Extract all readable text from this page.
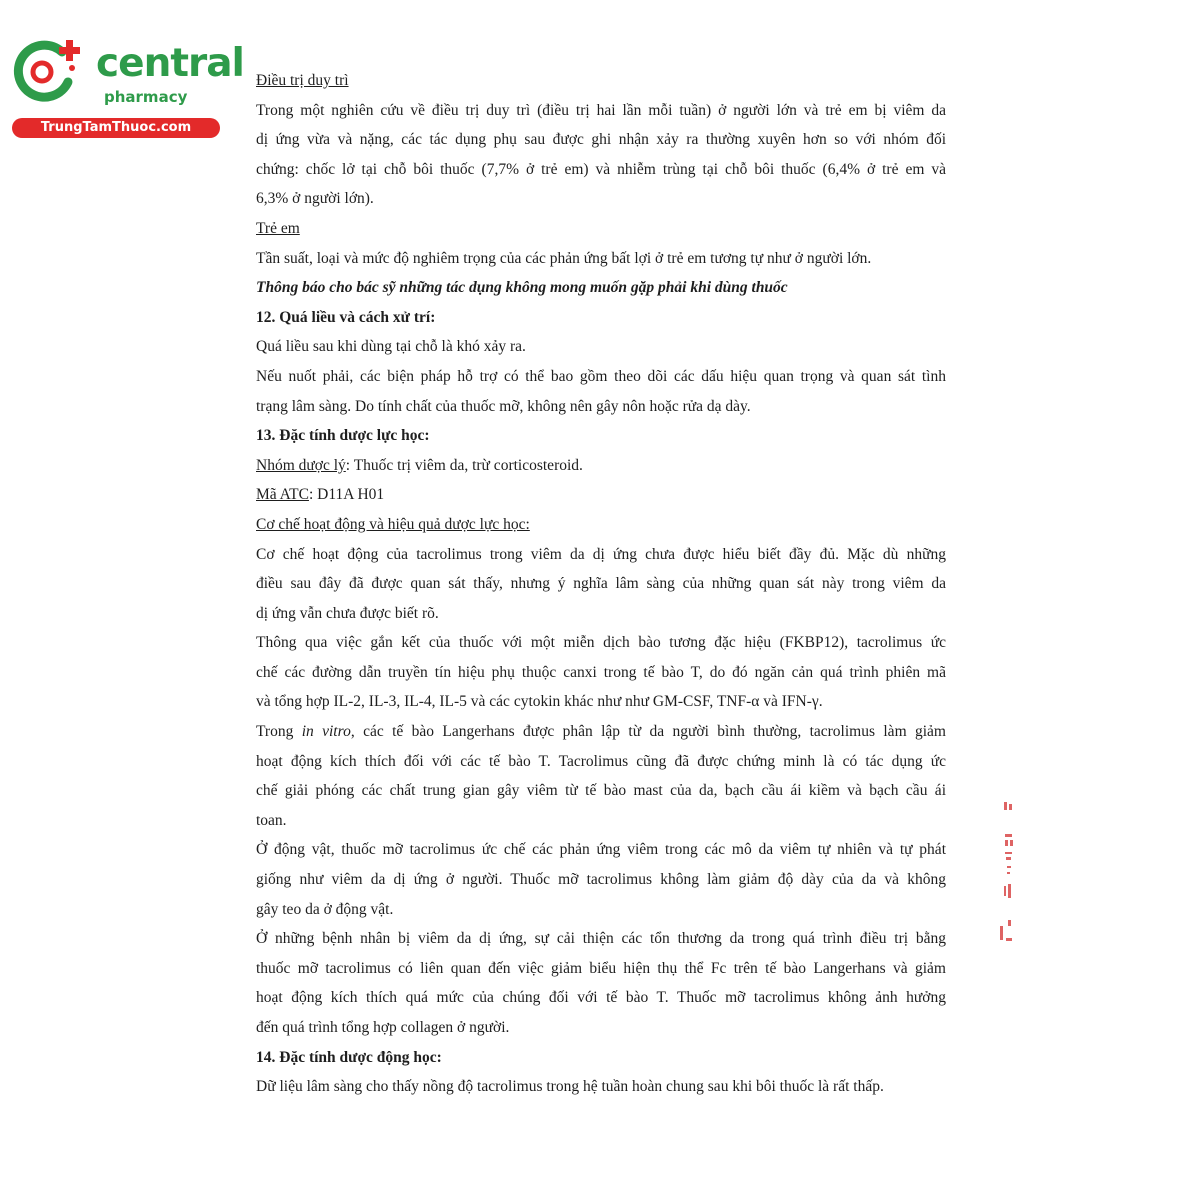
central
pharmacy
TrungTamThuoc.com
Điều trị duy trì
Trong một nghiên cứu về điều trị duy trì (điều trị hai lần mỗi tuần) ở người lớn và trẻ em bị viêm da
dị ứng vừa và nặng, các tác dụng phụ sau được ghi nhận xảy ra thường xuyên hơn so với nhóm đối
chứng: chốc lở tại chỗ bôi thuốc (7,7% ở trẻ em) và nhiễm trùng tại chỗ bôi thuốc (6,4% ở trẻ em và
6,3% ở người lớn).
Trẻ em
Tần suất, loại và mức độ nghiêm trọng của các phản ứng bất lợi ở trẻ em tương tự như ở người lớn.
Thông báo cho bác sỹ những tác dụng không mong muốn gặp phải khi dùng thuốc
12. Quá liều và cách xử trí:
Quá liều sau khi dùng tại chỗ là khó xảy ra.
Nếu nuốt phải, các biện pháp hỗ trợ có thể bao gồm theo dõi các dấu hiệu quan trọng và quan sát tình
trạng lâm sàng. Do tính chất của thuốc mỡ, không nên gây nôn hoặc rửa dạ dày.
13. Đặc tính dược lực học:
Nhóm dược lý: Thuốc trị viêm da, trừ corticosteroid.
Mã ATC: D11A H01
Cơ chế hoạt động và hiệu quả dược lực học:
Cơ chế hoạt động của tacrolimus trong viêm da dị ứng chưa được hiểu biết đầy đủ. Mặc dù những
điều sau đây đã được quan sát thấy, nhưng ý nghĩa lâm sàng của những quan sát này trong viêm da
dị ứng vẫn chưa được biết rõ.
Thông qua việc gắn kết của thuốc với một miễn dịch bào tương đặc hiệu (FKBP12), tacrolimus ức
chế các đường dẫn truyền tín hiệu phụ thuộc canxi trong tế bào T, do đó ngăn cản quá trình phiên mã
và tổng hợp IL-2, IL-3, IL-4, IL-5 và các cytokin khác như như GM-CSF, TNF-α và IFN-γ.
Trong in vitro, các tế bào Langerhans được phân lập từ da người bình thường, tacrolimus làm giảm
hoạt động kích thích đối với các tế bào T. Tacrolimus cũng đã được chứng minh là có tác dụng ức
chế giải phóng các chất trung gian gây viêm từ tế bào mast của da, bạch cầu ái kiềm và bạch cầu ái
toan.
Ở động vật, thuốc mỡ tacrolimus ức chế các phản ứng viêm trong các mô da viêm tự nhiên và tự phát
giống như viêm da dị ứng ở người. Thuốc mỡ tacrolimus không làm giảm độ dày của da và không
gây teo da ở động vật.
Ở những bệnh nhân bị viêm da dị ứng, sự cải thiện các tổn thương da trong quá trình điều trị bằng
thuốc mỡ tacrolimus có liên quan đến việc giảm biểu hiện thụ thể Fc trên tế bào Langerhans và giảm
hoạt động kích thích quá mức của chúng đối với tế bào T. Thuốc mỡ tacrolimus không ảnh hưởng
đến quá trình tổng hợp collagen ở người.
14. Đặc tính dược động học:
Dữ liệu lâm sàng cho thấy nồng độ tacrolimus trong hệ tuần hoàn chung sau khi bôi thuốc là rất thấp.
